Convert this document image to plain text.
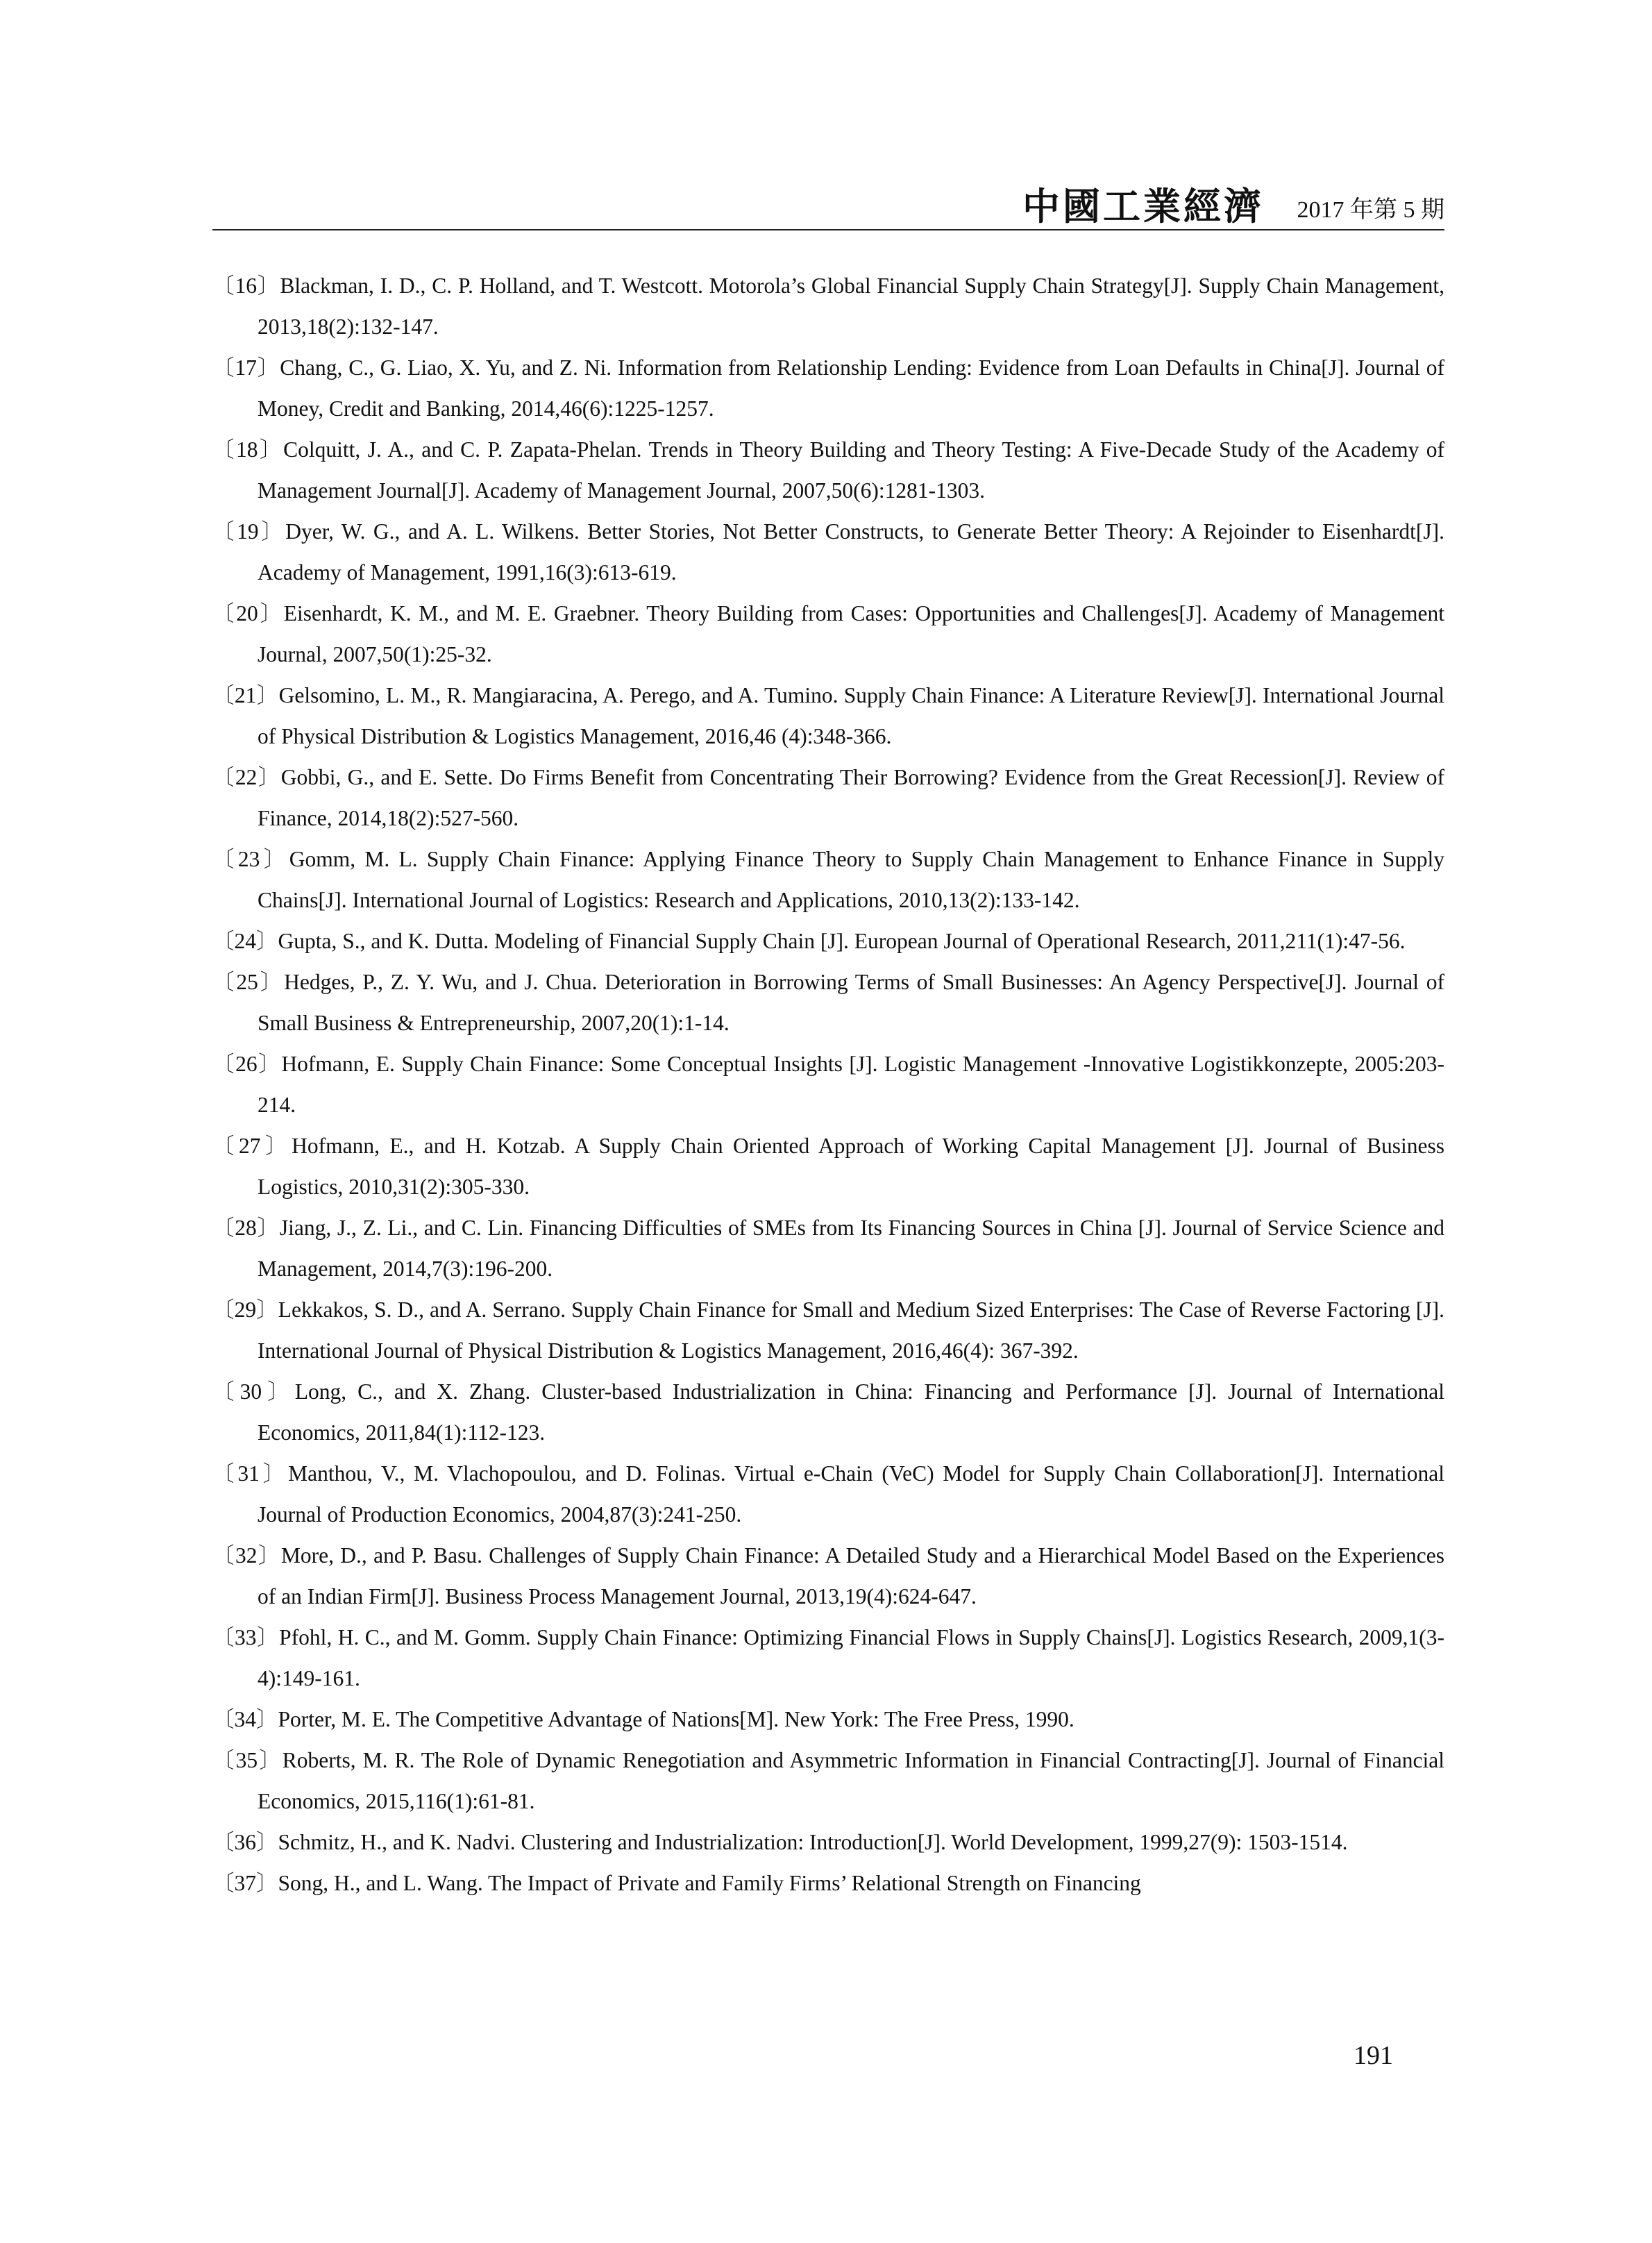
中國工業經濟 2017 年第 5 期
〔16〕Blackman, I. D., C. P. Holland, and T. Westcott. Motorola’s Global Financial Supply Chain Strategy[J]. Supply Chain Management, 2013,18(2):132-147.
〔17〕Chang, C., G. Liao, X. Yu, and Z. Ni. Information from Relationship Lending: Evidence from Loan Defaults in China[J]. Journal of Money, Credit and Banking, 2014,46(6):1225-1257.
〔18〕Colquitt, J. A., and C. P. Zapata-Phelan. Trends in Theory Building and Theory Testing: A Five-Decade Study of the Academy of Management Journal[J]. Academy of Management Journal, 2007,50(6):1281-1303.
〔19〕Dyer, W. G., and A. L. Wilkens. Better Stories, Not Better Constructs, to Generate Better Theory: A Rejoinder to Eisenhardt[J]. Academy of Management, 1991,16(3):613-619.
〔20〕Eisenhardt, K. M., and M. E. Graebner. Theory Building from Cases: Opportunities and Challenges[J]. Academy of Management Journal, 2007,50(1):25-32.
〔21〕Gelsomino, L. M., R. Mangiaracina, A. Perego, and A. Tumino. Supply Chain Finance: A Literature Review[J]. International Journal of Physical Distribution & Logistics Management, 2016,46 (4):348-366.
〔22〕Gobbi, G., and E. Sette. Do Firms Benefit from Concentrating Their Borrowing? Evidence from the Great Recession[J]. Review of Finance, 2014,18(2):527-560.
〔23〕Gomm, M. L. Supply Chain Finance: Applying Finance Theory to Supply Chain Management to Enhance Finance in Supply Chains[J]. International Journal of Logistics: Research and Applications, 2010,13(2):133-142.
〔24〕Gupta, S., and K. Dutta. Modeling of Financial Supply Chain [J]. European Journal of Operational Research, 2011,211(1):47-56.
〔25〕Hedges, P., Z. Y. Wu, and J. Chua. Deterioration in Borrowing Terms of Small Businesses: An Agency Perspective[J]. Journal of Small Business & Entrepreneurship, 2007,20(1):1-14.
〔26〕Hofmann, E. Supply Chain Finance: Some Conceptual Insights [J]. Logistic Management -Innovative Logistikkonzepte, 2005:203-214.
〔27〕Hofmann, E., and H. Kotzab. A Supply Chain Oriented Approach of Working Capital Management [J]. Journal of Business Logistics, 2010,31(2):305-330.
〔28〕Jiang, J., Z. Li., and C. Lin. Financing Difficulties of SMEs from Its Financing Sources in China [J]. Journal of Service Science and Management, 2014,7(3):196-200.
〔29〕Lekkakos, S. D., and A. Serrano. Supply Chain Finance for Small and Medium Sized Enterprises: The Case of Reverse Factoring [J]. International Journal of Physical Distribution & Logistics Management, 2016,46(4): 367-392.
〔30〕Long, C., and X. Zhang. Cluster-based Industrialization in China: Financing and Performance [J]. Journal of International Economics, 2011,84(1):112-123.
〔31〕Manthou, V., M. Vlachopoulou, and D. Folinas. Virtual e-Chain (VeC) Model for Supply Chain Collaboration[J]. International Journal of Production Economics, 2004,87(3):241-250.
〔32〕More, D., and P. Basu. Challenges of Supply Chain Finance: A Detailed Study and a Hierarchical Model Based on the Experiences of an Indian Firm[J]. Business Process Management Journal, 2013,19(4):624-647.
〔33〕Pfohl, H. C., and M. Gomm. Supply Chain Finance: Optimizing Financial Flows in Supply Chains[J]. Logistics Research, 2009,1(3-4):149-161.
〔34〕Porter, M. E. The Competitive Advantage of Nations[M]. New York: The Free Press, 1990.
〔35〕Roberts, M. R. The Role of Dynamic Renegotiation and Asymmetric Information in Financial Contracting[J]. Journal of Financial Economics, 2015,116(1):61-81.
〔36〕Schmitz, H., and K. Nadvi. Clustering and Industrialization: Introduction[J]. World Development, 1999,27(9): 1503-1514.
〔37〕Song, H., and L. Wang. The Impact of Private and Family Firms’ Relational Strength on Financing
191
